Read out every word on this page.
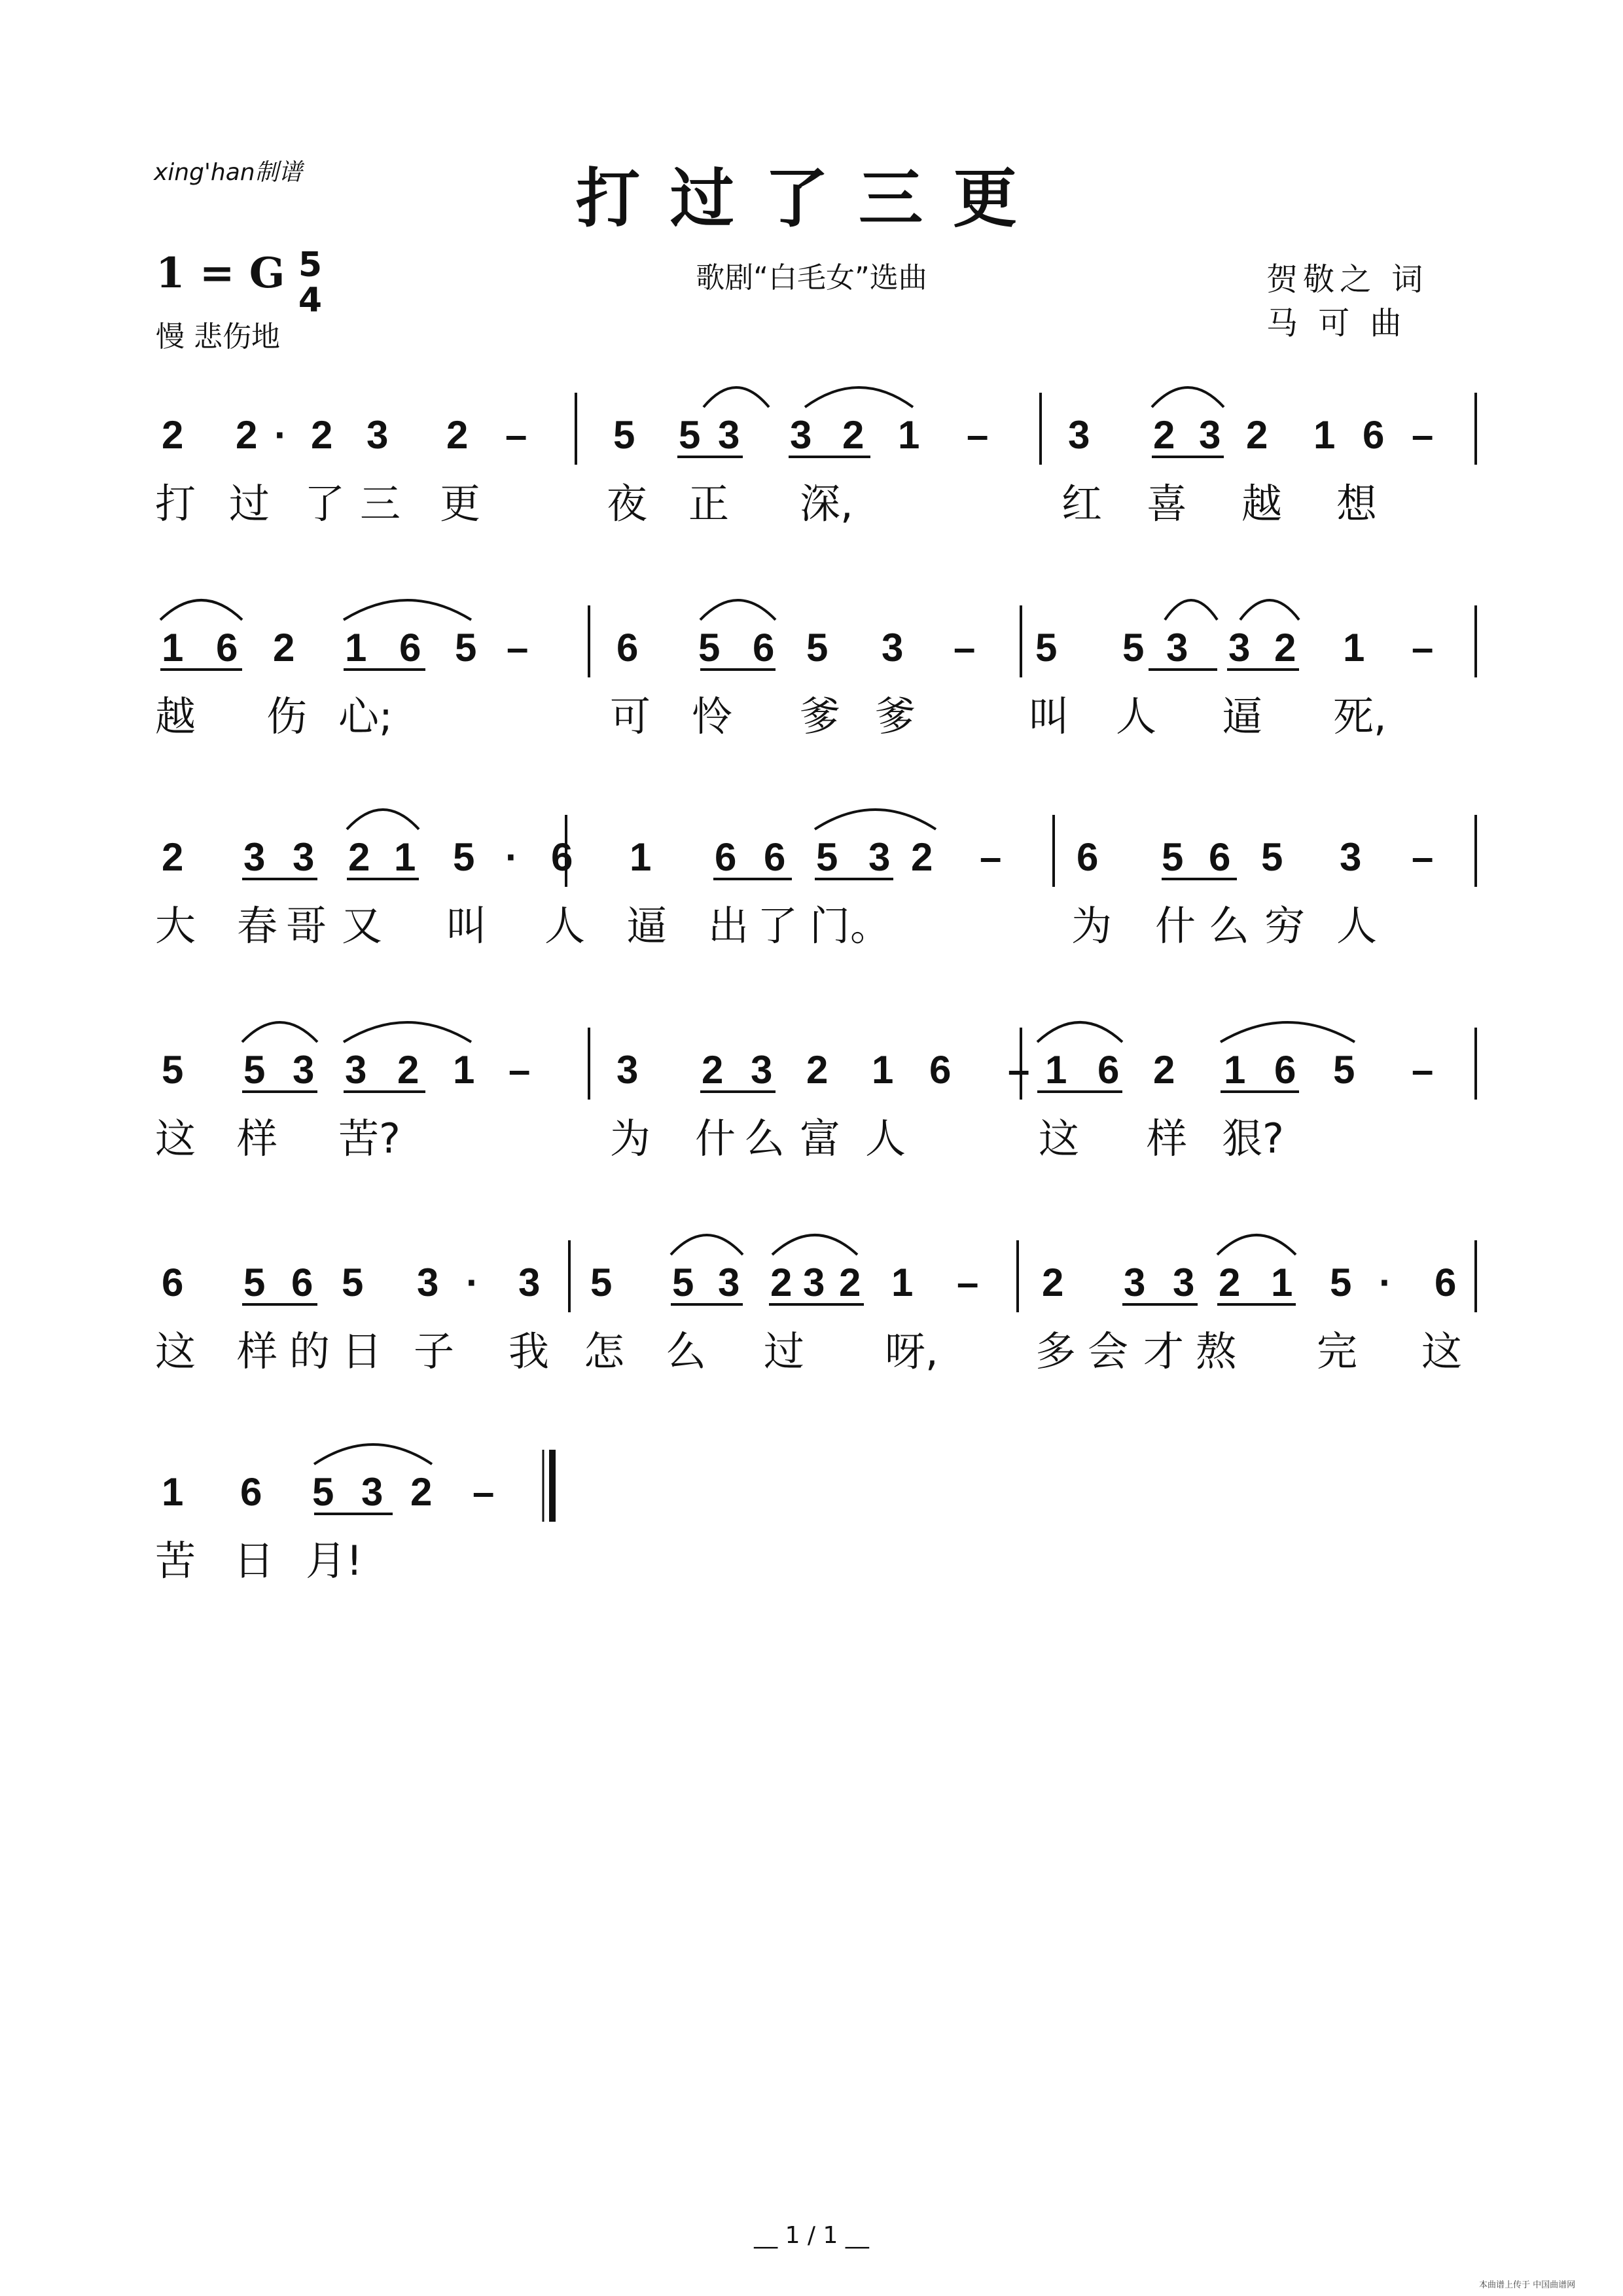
xing'han制谱	打过了三更
1 = G 5
4
慢 悲伤地
歌剧“白毛女”选曲	贺敬之 词
马 可 曲
2 2 · 2 3 2 – 5 5 3 3 2 1 – 3 2 3 2 1 6 –
打 过 了 三 更	夜 正 深,	红 喜 越 想
1 6 2 1 6 5 – 6 5 6 5 3 – 5 5 3 3 2 1 –
越 伤 心;	可 怜 爹 爹	叫 人 逼 死,
2 3 3 2 1 5 · 6 1 6 6 5 3 2 – 6 5 6 5 3 –
大 春 哥 又 叫 人 逼 出 了 门。	为 什 么 穷 人
5 5 3 3 2 1 – 3 2 3 2 1 6 – 1 6 2 1 6 5 –
这 样 苦?	为 什 么 富 人	这 样 狠?
6 5 6 5 3 · 3 5 5 3 2 3 2 1 – 2 3 3 2 1 5 · 6
这 样 的 日 子 我 怎 么 过 呀, 多 会 才 熬 完 这
1 6 5 3 2 –
苦 日 月!
__ 1 / 1 __
本曲谱上传于 中国曲谱网
